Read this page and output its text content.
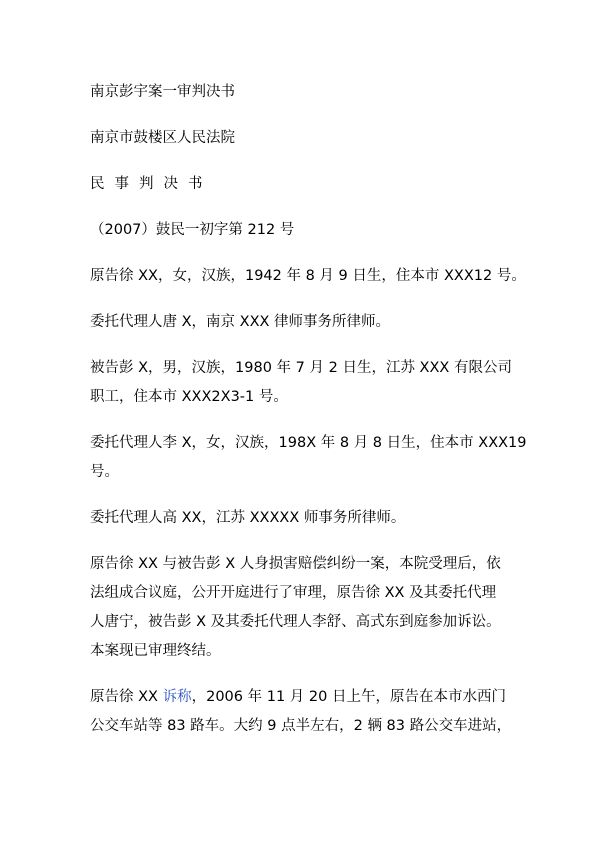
南京彭宇案一审判决书

南京市鼓楼区人民法院

民事判决书

（2007）鼓民一初字第 212 号

原告徐 XX，女，汉族，1942 年 8 月 9 日生，住本市 XXX12 号。

委托代理人唐 X，南京 XXX 律师事务所律师。

被告彭 X，男，汉族，1980 年 7 月 2 日生，江苏 XXX 有限公司
职工，住本市 XXX2X3-1 号。

委托代理人李 X，女，汉族，198X 年 8 月 8 日生，住本市 XXX19
号。

委托代理人高 XX，江苏 XXXXX 师事务所律师。

原告徐 XX 与被告彭 X 人身损害赔偿纠纷一案，本院受理后，依
法组成合议庭，公开开庭进行了审理，原告徐 XX 及其委托代理
人唐宁，被告彭 X 及其委托代理人李舒、高式东到庭参加诉讼。
本案现已审理终结。

原告徐 XX 诉称，2006 年 11 月 20 日上午，原告在本市水西门
公交车站等 83 路车。大约 9 点半左右，2 辆 83 路公交车进站，
